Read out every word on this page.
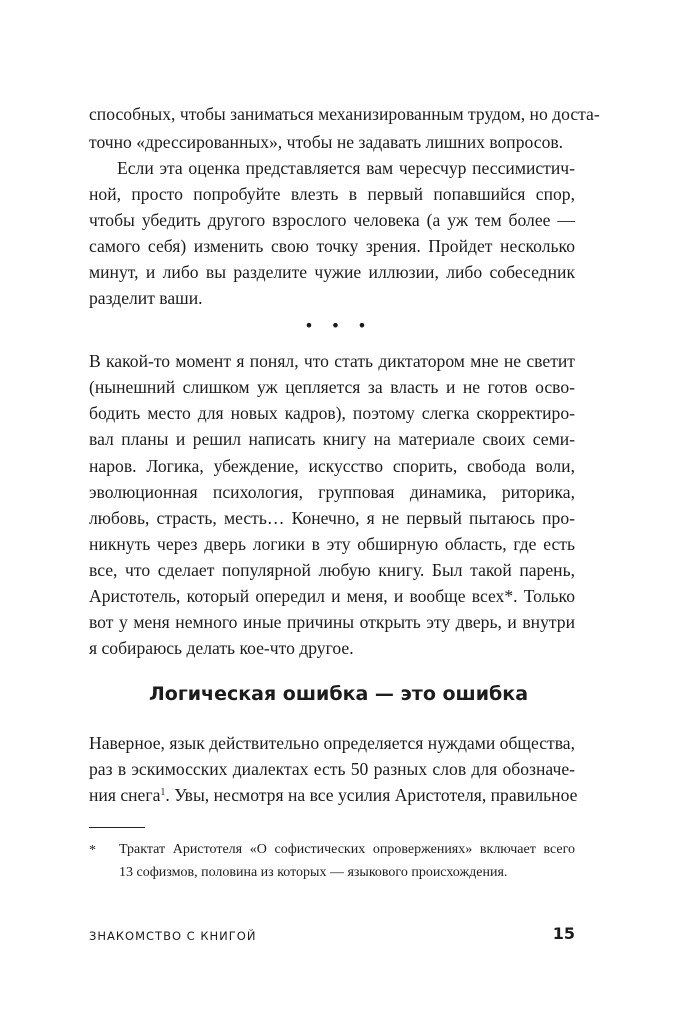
способных, чтобы заниматься механизированным трудом, но доста-
точно «дрессированных», чтобы не задавать лишних вопросов.
Если эта оценка представляется вам чересчур пессимистич-
ной, просто попробуйте влезть в первый попавшийся спор,
чтобы убедить другого взрослого человека (а уж тем более —
самого себя) изменить свою точку зрения. Пройдет несколько
минут, и либо вы разделите чужие иллюзии, либо собеседник
разделит ваши.
• • •
В какой-то момент я понял, что стать диктатором мне не светит
(нынешний слишком уж цепляется за власть и не готов осво-
бодить место для новых кадров), поэтому слегка скорректиро-
вал планы и решил написать книгу на материале своих семи-
наров. Логика, убеждение, искусство спорить, свобода воли,
эволюционная психология, групповая динамика, риторика,
любовь, страсть, месть… Конечно, я не первый пытаюсь про-
никнуть через дверь логики в эту обширную область, где есть
все, что сделает популярной любую книгу. Был такой парень,
Аристотель, который опередил и меня, и вообще всех*. Только
вот у меня немного иные причины открыть эту дверь, и внутри
я собираюсь делать кое-что другое.
Логическая ошибка — это ошибка
Наверное, язык действительно определяется нуждами общества,
раз в эскимосских диалектах есть 50 разных слов для обозначе-
ния снега$^1$. Увы, несмотря на все усилия Аристотеля, правильное
* Трактат Аристотеля «О софистических опровержениях» включает всего
13 софизмов, половина из которых — языкового происхождения.
ЗНАКОМСТВО С КНИГОЙ	15
